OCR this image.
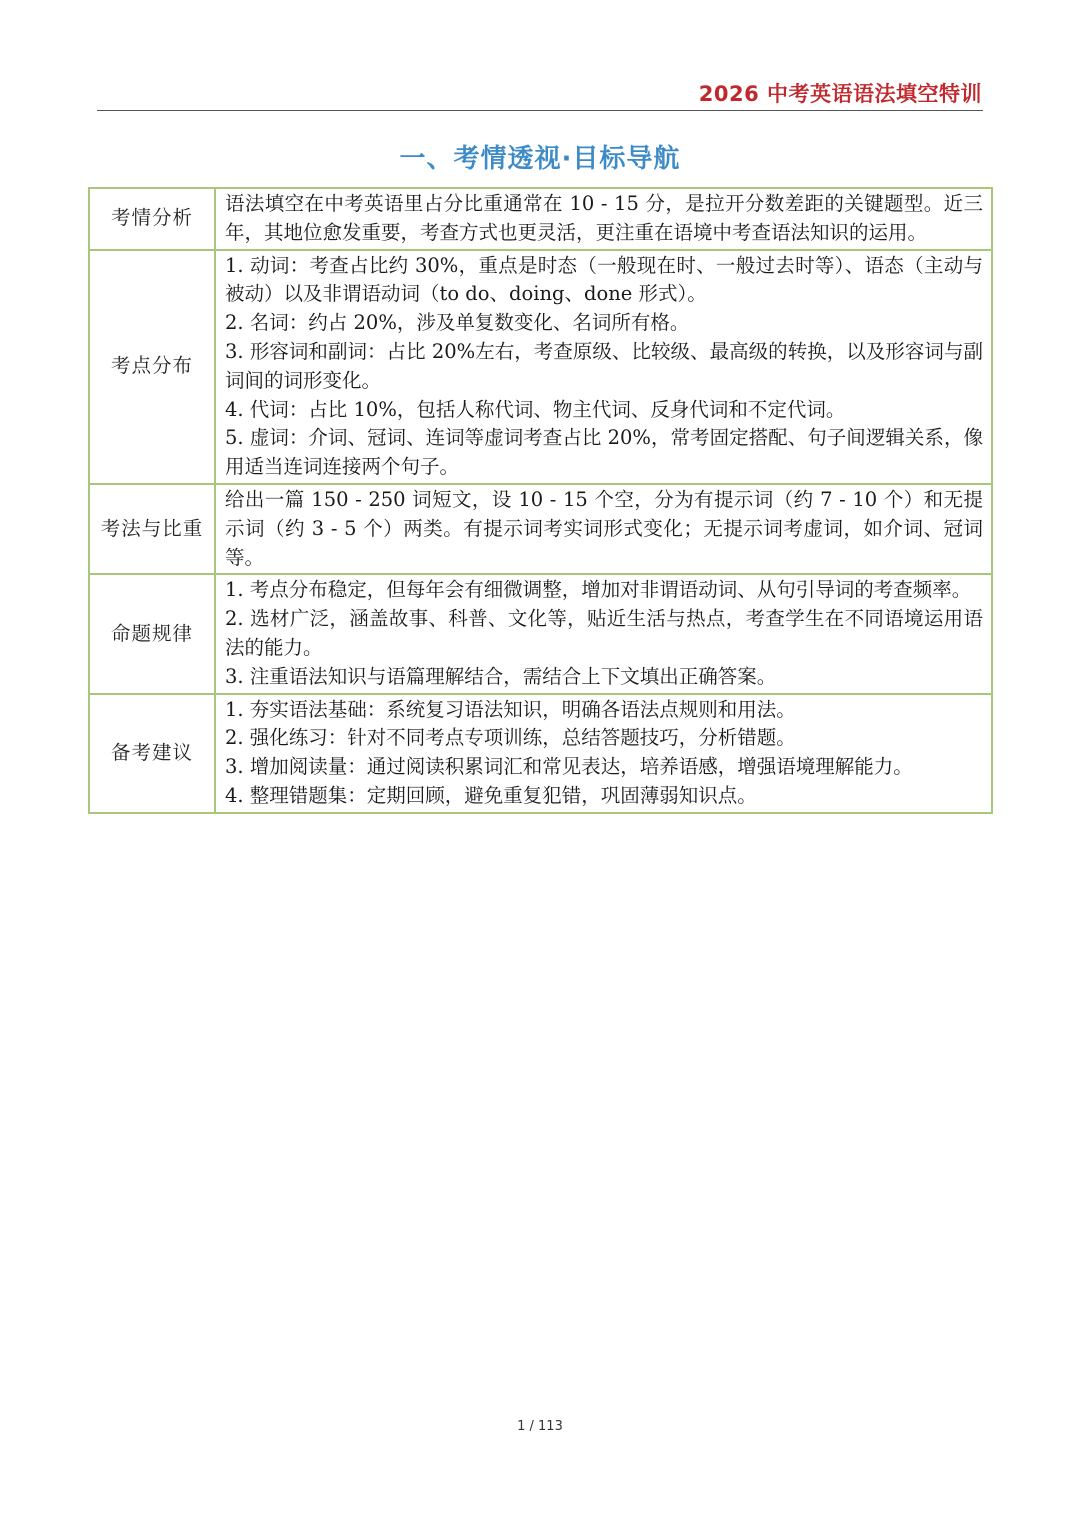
2026 中考英语语法填空特训
一、考情透视·目标导航
考情分析	语法填空在中考英语里占分比重通常在 10 - 15 分，是拉开分数差距的关键题型。近三年，其地位愈发重要，考查方式也更灵活，更注重在语境中考查语法知识的运用。

考点分布	1. 动词：考查占比约 30%，重点是时态（一般现在时、一般过去时等）、语态（主动与被动）以及非谓语动词（to do、doing、done 形式）。
2. 名词：约占 20%，涉及单复数变化、名词所有格。
3. 形容词和副词：占比 20%左右，考查原级、比较级、最高级的转换，以及形容词与副词间的词形变化。
4. 代词：占比 10%，包括人称代词、物主代词、反身代词和不定代词。
5. 虚词：介词、冠词、连词等虚词考查占比 20%，常考固定搭配、句子间逻辑关系，像用适当连词连接两个句子。

考法与比重	给出一篇 150 - 250 词短文，设 10 - 15 个空，分为有提示词（约 7 - 10 个）和无提示词（约 3 - 5 个）两类。有提示词考实词形式变化；无提示词考虚词，如介词、冠词等。

命题规律	1. 考点分布稳定，但每年会有细微调整，增加对非谓语动词、从句引导词的考查频率。
2. 选材广泛，涵盖故事、科普、文化等，贴近生活与热点，考查学生在不同语境运用语法的能力。
3. 注重语法知识与语篇理解结合，需结合上下文填出正确答案。

备考建议	1. 夯实语法基础：系统复习语法知识，明确各语法点规则和用法。
2. 强化练习：针对不同考点专项训练，总结答题技巧，分析错题。
3. 增加阅读量：通过阅读积累词汇和常见表达，培养语感，增强语境理解能力。
4. 整理错题集：定期回顾，避免重复犯错，巩固薄弱知识点。
1 / 113
